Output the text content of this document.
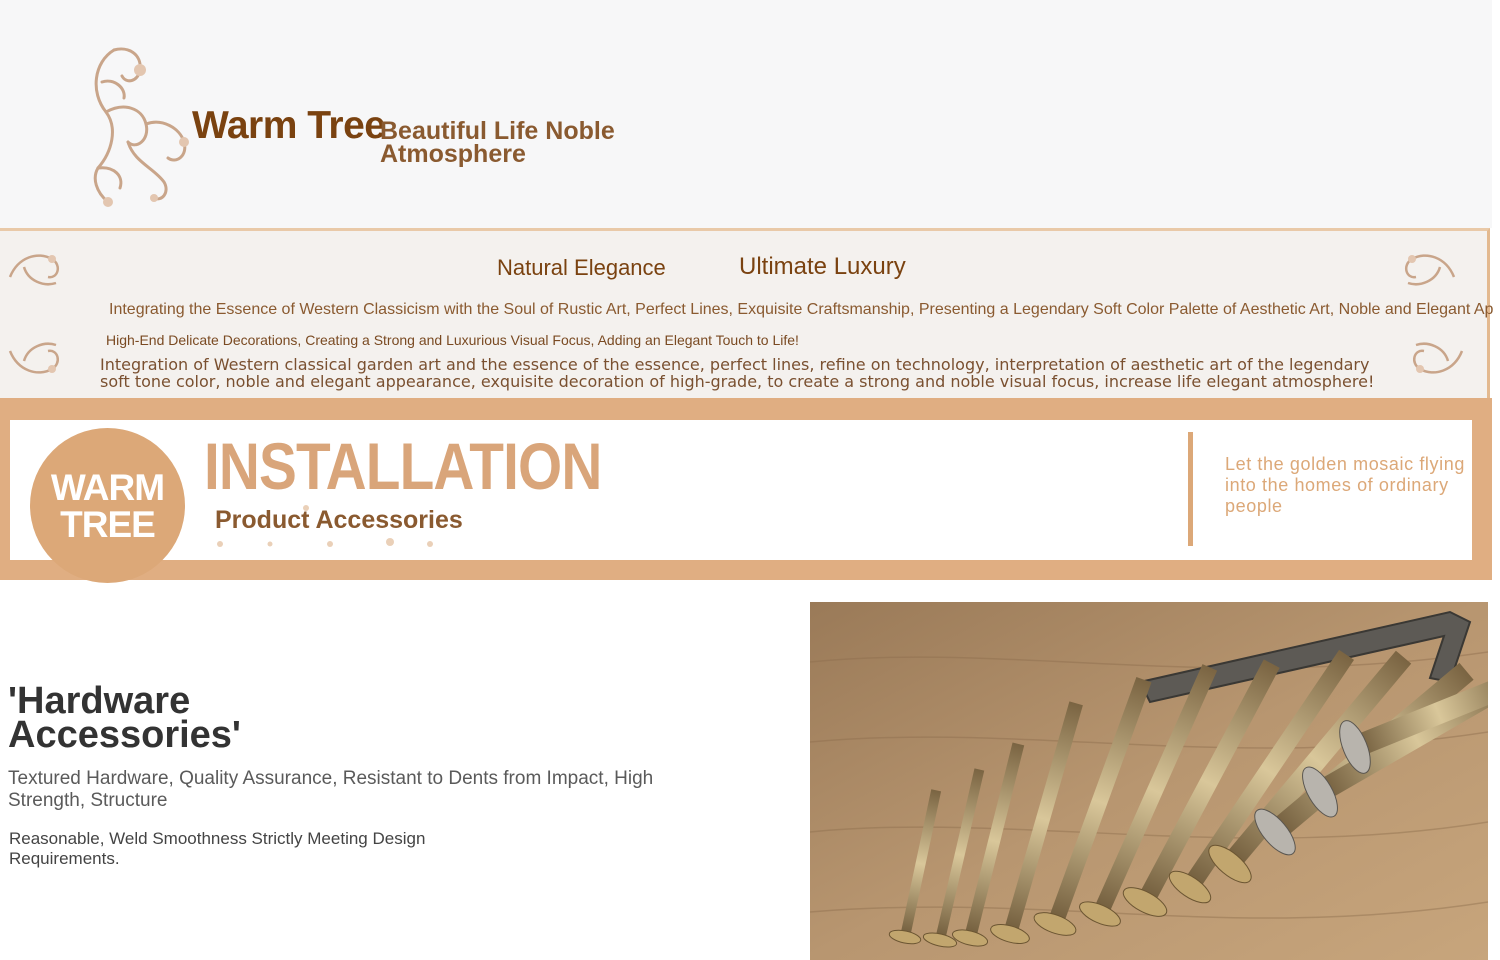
Warm Tree
Beautiful Life Noble Atmosphere
Natural Elegance	Ultimate Luxury
Integrating the Essence of Western Classicism with the Soul of Rustic Art, Perfect Lines, Exquisite Craftsmanship, Presenting a Legendary Soft Color Palette of Aesthetic Art, Noble and Elegant Ap
High-End Delicate Decorations, Creating a Strong and Luxurious Visual Focus, Adding an Elegant Touch to Life!
Integration of Western classical garden art and the essence of the essence, perfect lines, refine on technology, interpretation of aesthetic art of the legendary soft tone color, noble and elegant appearance, exquisite decoration of high-grade, to create a strong and noble visual focus, increase life elegant atmosphere!
WARM
TREE
INSTALLATION
Product Accessories
Let the golden mosaic flying into the homes of ordinary people
'Hardware Accessories'
Textured Hardware, Quality Assurance, Resistant to Dents from Impact, High Strength, Structure
Reasonable, Weld Smoothness Strictly Meeting Design Requirements.
